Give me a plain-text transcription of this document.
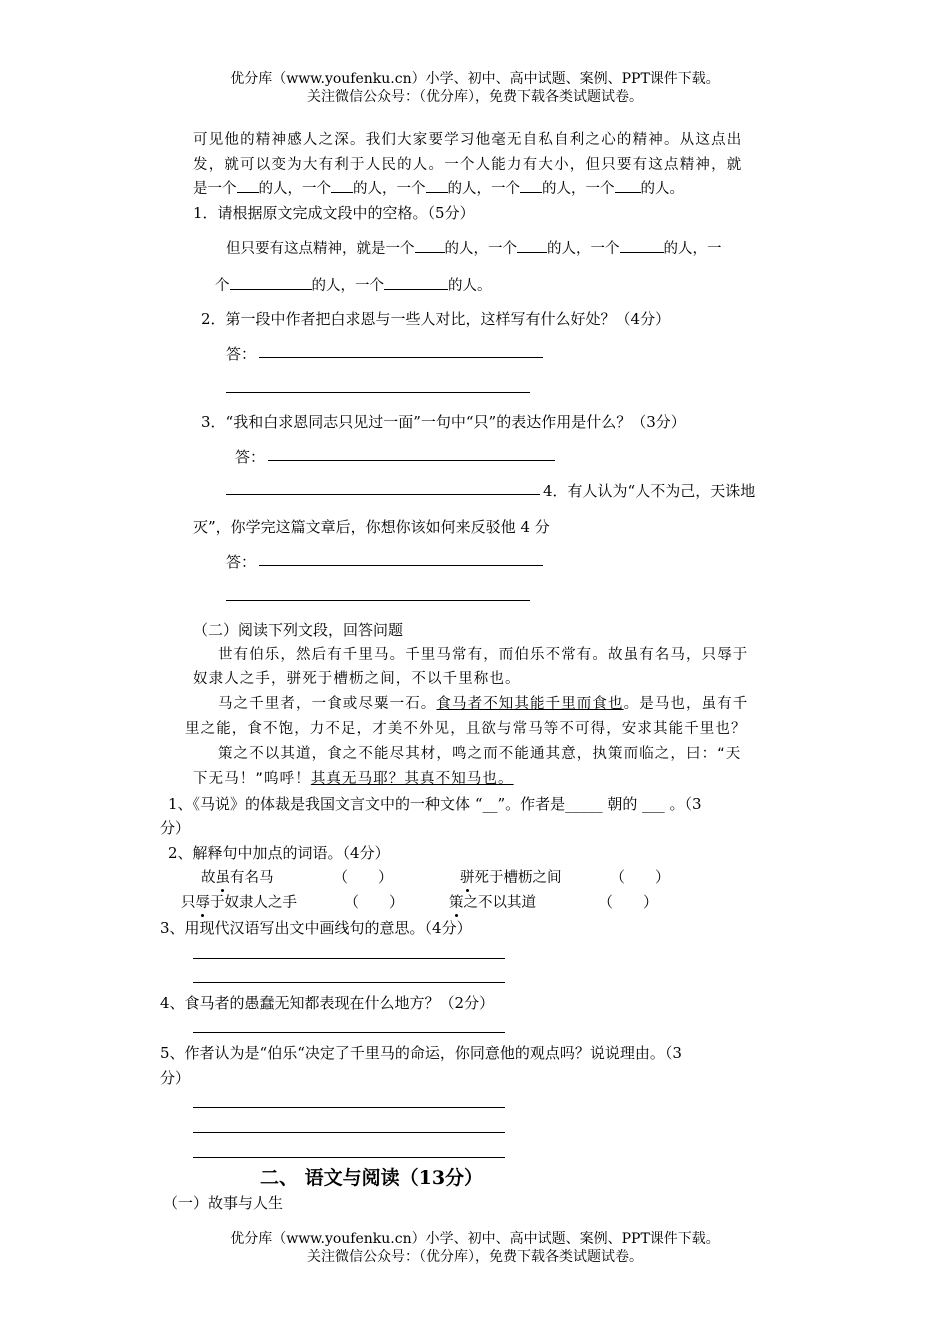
优分库（www.youfenku.cn）小学、初中、高中试题、案例、PPT课件下载。
关注微信公众号：（优分库），免费下载各类试题试卷。
可见他的精神感人之深。我们大家要学习他毫无自私自利之心的精神。从这点出
发，就可以变为大有利于人民的人。一个人能力有大小，但只要有这点精神，就
是一个 的人，一个 的人，一个 的人，一个 的人，一个 的人。
1．请根据原文完成文段中的空格。（5分）
但只要有这点精神，就是一个 的人，一个 的人，一个	的人，一
个	的人，一个	的人。
2．第一段中作者把白求恩与一些人对比，这样写有什么好处？（4分）
答：
3．“我和白求恩同志只见过一面”一句中“只”的表达作用是什么？（3分）
答：
4．有人认为“人不为己，天诛地
灭”，你学完这篇文章后，你想你该如何来反驳他 4 分
答：
（二）阅读下列文段，回答问题
世有伯乐，然后有千里马。千里马常有，而伯乐不常有。故虽有名马，只辱于
奴隶人之手，骈死于槽枥之间，不以千里称也。
马之千里者，一食或尽粟一石。食马者不知其能千里而食也。是马也，虽有千
里之能，食不饱，力不足，才美不外见，且欲与常马等不可得，安求其能千里也？
策之不以其道，食之不能尽其材，鸣之而不能通其意，执策而临之，曰：“天
下无马！”呜呼！其真无马耶？其真不知马也。
1、《马说》的体裁是我国文言文中的一种文体 “__”。作者是_____ 朝的 ___ 。（3
分）
2、解释句中加点的词语。（4分）
故虽有名马	（　　）	骈死于槽枥之间	（　　）
只辱于奴隶人之手	（　　）	策之不以其道	（　　）
3、用现代汉语写出文中画线句的意思。（4分）
4、食马者的愚蠢无知都表现在什么地方？（2分）
5、作者认为是“伯乐“决定了千里马的命运，你同意他的观点吗？说说理由。（3
分）
二、 语文与阅读（13分）
（一）故事与人生
优分库（www.youfenku.cn）小学、初中、高中试题、案例、PPT课件下载。
关注微信公众号：（优分库），免费下载各类试题试卷。
